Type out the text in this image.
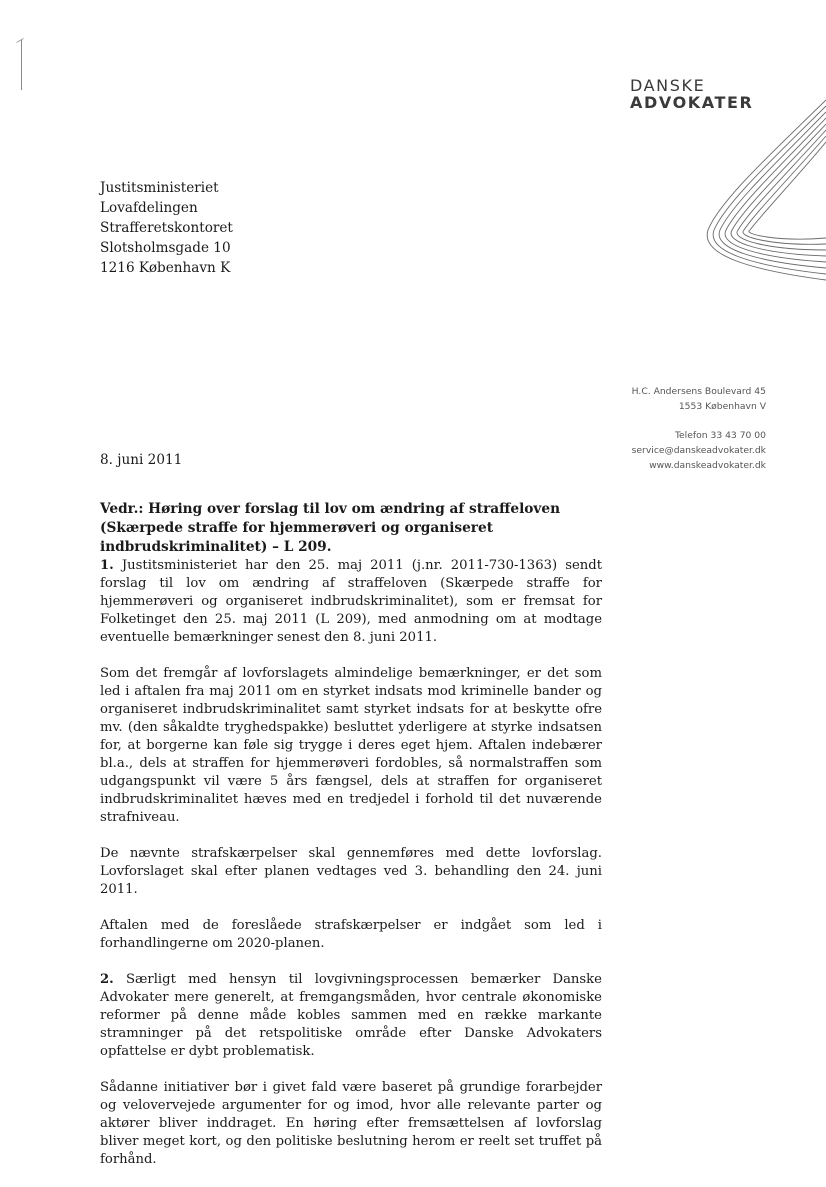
DANSKE
ADVOKATER
Justitsministeriet
Lovafdelingen
Strafferetskontoret
Slotsholmsgade 10
1216 København K
H.C. Andersens Boulevard 45
1553 København V
Telefon 33 43 70 00
service@danskeadvokater.dk
www.danskeadvokater.dk
8. juni 2011
Vedr.: Høring over forslag til lov om ændring af straffeloven (Skærpede straffe for hjemmerøveri og organiseret indbrudskriminalitet) – L 209.

1. Justitsministeriet har den 25. maj 2011 (j.nr. 2011-730-1363) sendt forslag til lov om ændring af straffeloven (Skærpede straffe for hjemmerøveri og organiseret indbrudskriminalitet), som er fremsat for Folketinget den 25. maj 2011 (L 209), med anmodning om at modtage eventuelle bemærkninger senest den 8. juni 2011.

Som det fremgår af lovforslagets almindelige bemærkninger, er det som led i aftalen fra maj 2011 om en styrket indsats mod kriminelle bander og organiseret indbrudskriminalitet samt styrket indsats for at beskytte ofre mv. (den såkaldte tryghedspakke) besluttet yderligere at styrke indsatsen for, at borgerne kan føle sig trygge i deres eget hjem. Aftalen indebærer bl.a., dels at straffen for hjemmerøveri fordobles, så normalstraffen som udgangspunkt vil være 5 års fængsel, dels at straffen for organiseret indbrudskriminalitet hæves med en tredjedel i forhold til det nuværende strafniveau.

De nævnte strafskærpelser skal gennemføres med dette lovforslag. Lovforslaget skal efter planen vedtages ved 3. behandling den 24. juni 2011.

Aftalen med de foreslåede strafskærpelser er indgået som led i forhandlingerne om 2020-planen.

2. Særligt med hensyn til lovgivningsprocessen bemærker Danske Advokater mere generelt, at fremgangsmåden, hvor centrale økonomiske reformer på denne måde kobles sammen med en række markante stramninger på det retspolitiske område efter Danske Advokaters opfattelse er dybt problematisk.

Sådanne initiativer bør i givet fald være baseret på grundige forarbejder og velovervejede argumenter for og imod, hvor alle relevante parter og aktører bliver inddraget. En høring efter fremsættelsen af lovforslag bliver meget kort, og den politiske beslutning herom er reelt set truffet på forhånd.
